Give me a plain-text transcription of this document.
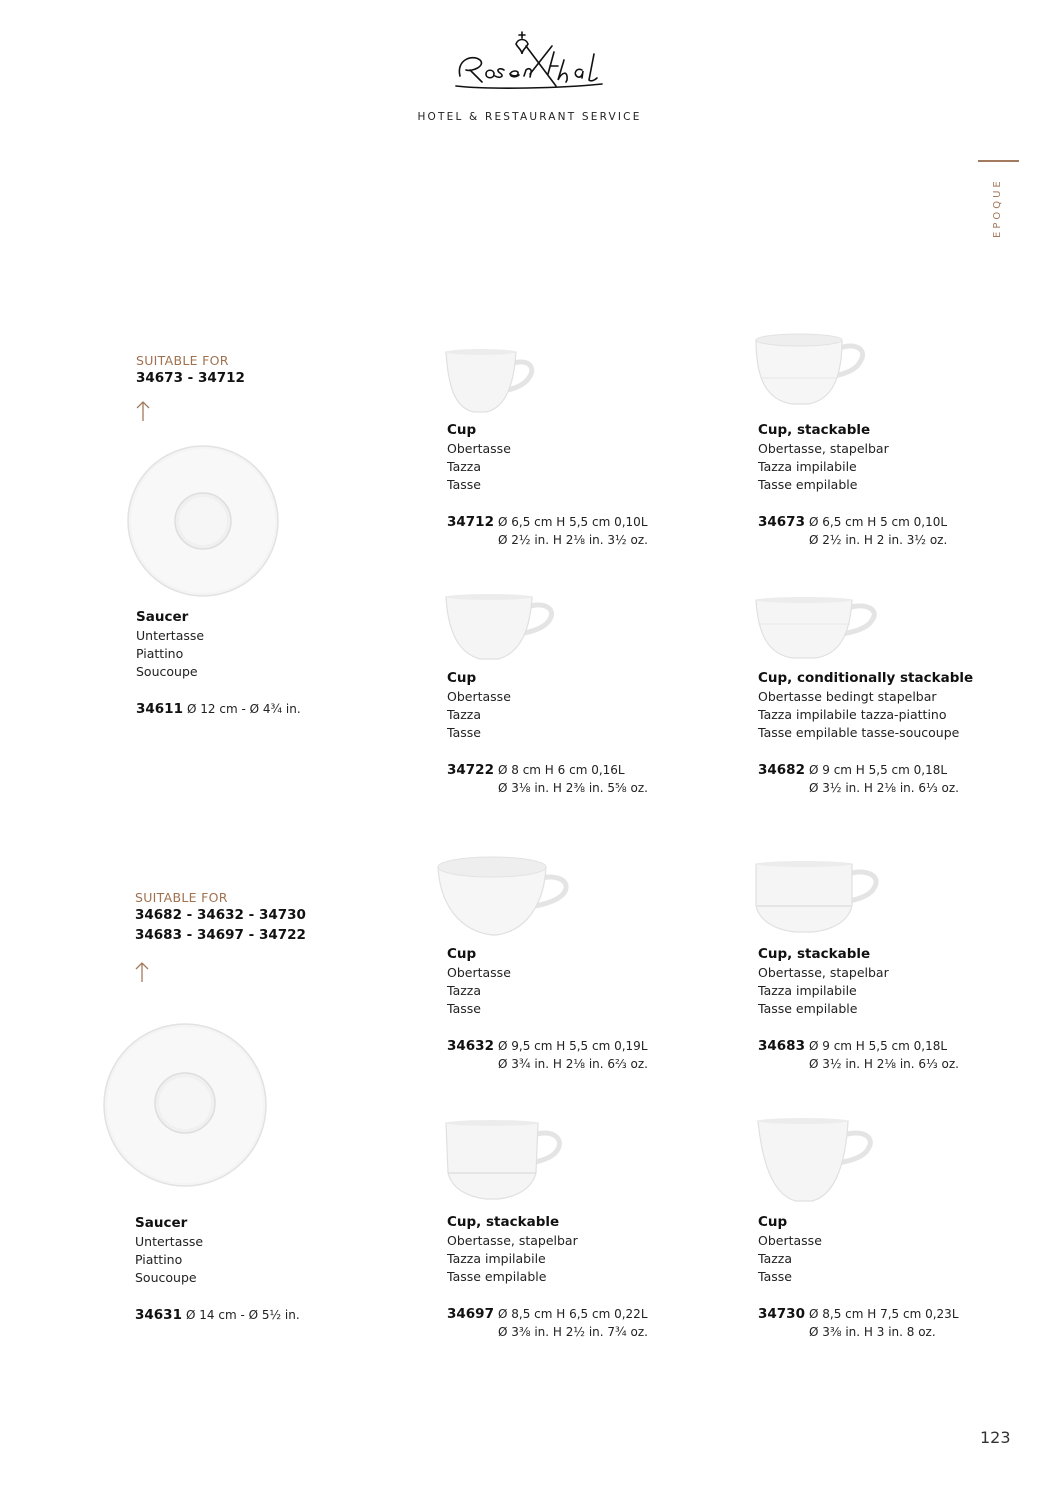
HOTEL & RESTAURANT SERVICE
EPOQUE
SUITABLE FOR
34673 - 34712
Saucer
Untertasse
Piattino
Soucoupe
34611 Ø 12 cm - Ø 4¾ in.
Cup
Obertasse
Tazza
Tasse
34712 Ø 6,5 cm H 5,5 cm 0,10L
Ø 2½ in. H 2⅛ in. 3½ oz.
Cup, stackable
Obertasse, stapelbar
Tazza impilabile
Tasse empilable
34673 Ø 6,5 cm H 5 cm 0,10L
Ø 2½ in. H 2 in. 3½ oz.
Cup
Obertasse
Tazza
Tasse
34722 Ø 8 cm H 6 cm 0,16L
Ø 3⅛ in. H 2⅜ in. 5⅝ oz.
Cup, conditionally stackable
Obertasse bedingt stapelbar
Tazza impilabile tazza-piattino
Tasse empilable tasse-soucoupe
34682 Ø 9 cm H 5,5 cm 0,18L
Ø 3½ in. H 2⅛ in. 6⅓ oz.
SUITABLE FOR
34682 - 34632 - 34730
34683 - 34697 - 34722
Saucer
Untertasse
Piattino
Soucoupe
34631 Ø 14 cm - Ø 5½ in.
Cup
Obertasse
Tazza
Tasse
34632 Ø 9,5 cm H 5,5 cm 0,19L
Ø 3¾ in. H 2⅛ in. 6⅔ oz.
Cup, stackable
Obertasse, stapelbar
Tazza impilabile
Tasse empilable
34683 Ø 9 cm H 5,5 cm 0,18L
Ø 3½ in. H 2⅛ in. 6⅓ oz.
Cup, stackable
Obertasse, stapelbar
Tazza impilabile
Tasse empilable
34697 Ø 8,5 cm H 6,5 cm 0,22L
Ø 3⅜ in. H 2½ in. 7¾ oz.
Cup
Obertasse
Tazza
Tasse
34730 Ø 8,5 cm H 7,5 cm 0,23L
Ø 3⅜ in. H 3 in. 8 oz.
123
